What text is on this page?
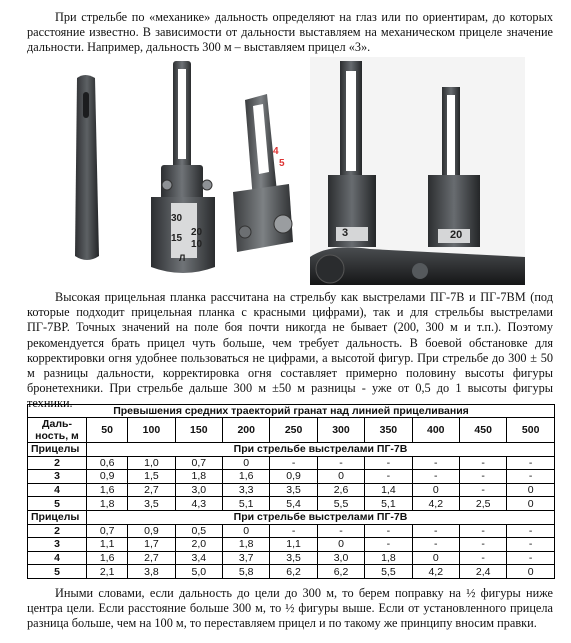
При стрельбе по «механике» дальность определяют на глаз или по ориентирам, до которых расстояние известно. В зависимости от дальности выставляем на механическом прицеле значение дальности. Например, дальность 300 м – выставляем прицел «3».

30
15
20
10
Л
4
5
3	20

Высокая прицельная планка рассчитана на стрельбу как выстрелами ПГ-7В и ПГ-7ВМ (под которые подходит прицельная планка с красными цифрами), так и для стрельбы выстрелами ПГ-7ВР. Точных значений на поле боя почти никогда не бывает (200, 300 м и т.п.). Поэтому рекомендуется брать прицел чуть больше, чем требует дальность. В боевой обстановке для корректировки огня удобнее пользоваться не цифрами, а высотой фигур. При стрельбе до 300 ± 50 м разницы дальности, корректировка огня составляет примерно половину высоты фигуры бронетехники. При стрельбе дальше 300 м ±50 м разницы - уже от 0,5 до 1 высоты фигуры техники.

Превышения средних траекторий гранат над линией прицеливания										
Даль-ность, м	50	100	150	200	250	300	350	400	450	500
Прицелы	При стрельбе выстрелами ПГ-7В									
2	0,6	1,0	0,7	0	-	-	-	-	-	-
3	0,9	1,5	1,8	1,6	0,9	0	-	-	-	-
4	1,6	2,7	3,0	3,3	3,5	2,6	1,4	0	-	0
5	1,8	3,5	4,3	5,1	5,4	5,5	5,1	4,2	2,5	0
Прицелы	При стрельбе выстрелами ПГ-7В									
2	0,7	0,9	0,5	0	-	-	-	-	-	-
3	1,1	1,7	2,0	1,8	1,1	0	-	-	-	-
4	1,6	2,7	3,4	3,7	3,5	3,0	1,8	0	-	-
5	2,1	3,8	5,0	5,8	6,2	6,2	5,5	4,2	2,4	0

Иными словами, если дальность до цели до 300 м, то берем поправку на ½ фигуры ниже центра цели. Если расстояние больше 300 м, то ½ фигуры выше. Если от установленного прицела разница больше, чем на 100 м, то переставляем прицел и по такому же принципу вносим правки.
